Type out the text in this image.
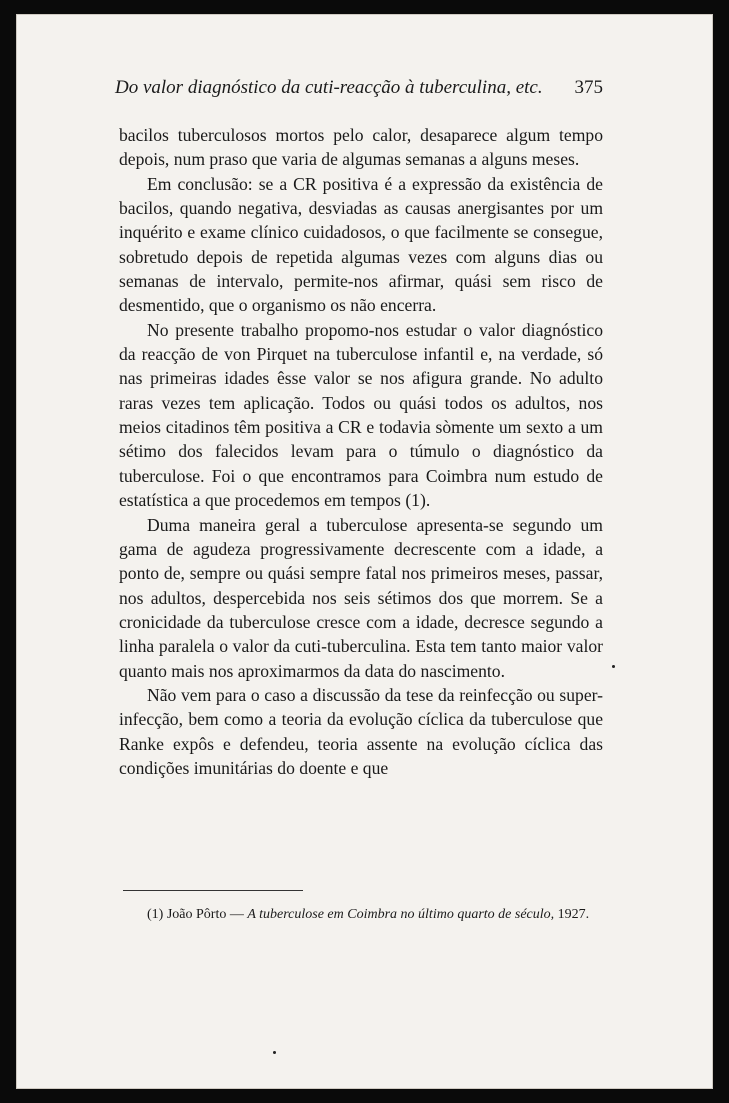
Do valor diagnóstico da cuti-reacção à tuberculina, etc. 375

bacilos tuberculosos mortos pelo calor, desaparece algum tempo depois, num praso que varia de algumas semanas a alguns meses.

Em conclusão: se a CR positiva é a expressão da existência de bacilos, quando negativa, desviadas as causas anergisantes por um inquérito e exame clínico cuidadosos, o que facilmente se consegue, sobretudo depois de repetida algumas vezes com alguns dias ou semanas de intervalo, permite-nos afirmar, quási sem risco de desmentido, que o organismo os não encerra.

No presente trabalho propomo-nos estudar o valor diagnóstico da reacção de von Pirquet na tuberculose infantil e, na verdade, só nas primeiras idades êsse valor se nos afigura grande. No adulto raras vezes tem aplicação. Todos ou quási todos os adultos, nos meios citadinos têm positiva a CR e todavia sòmente um sexto a um sétimo dos falecidos levam para o túmulo o diagnóstico da tuberculose. Foi o que encontramos para Coimbra num estudo de estatística a que procedemos em tempos (1).

Duma maneira geral a tuberculose apresenta-se segundo um gama de agudeza progressivamente decrescente com a idade, a ponto de, sempre ou quási sempre fatal nos primeiros meses, passar, nos adultos, despercebida nos seis sétimos dos que morrem. Se a cronicidade da tuberculose cresce com a idade, decresce segundo a linha paralela o valor da cuti-tuberculina. Esta tem tanto maior valor quanto mais nos aproximarmos da data do nascimento.

Não vem para o caso a discussão da tese da reinfecção ou super-infecção, bem como a teoria da evolução cíclica da tuberculose que Ranke expôs e defendeu, teoria assente na evolução cíclica das condições imunitárias do doente e que

(1) João Pôrto — A tuberculose em Coimbra no último quarto de século, 1927.
